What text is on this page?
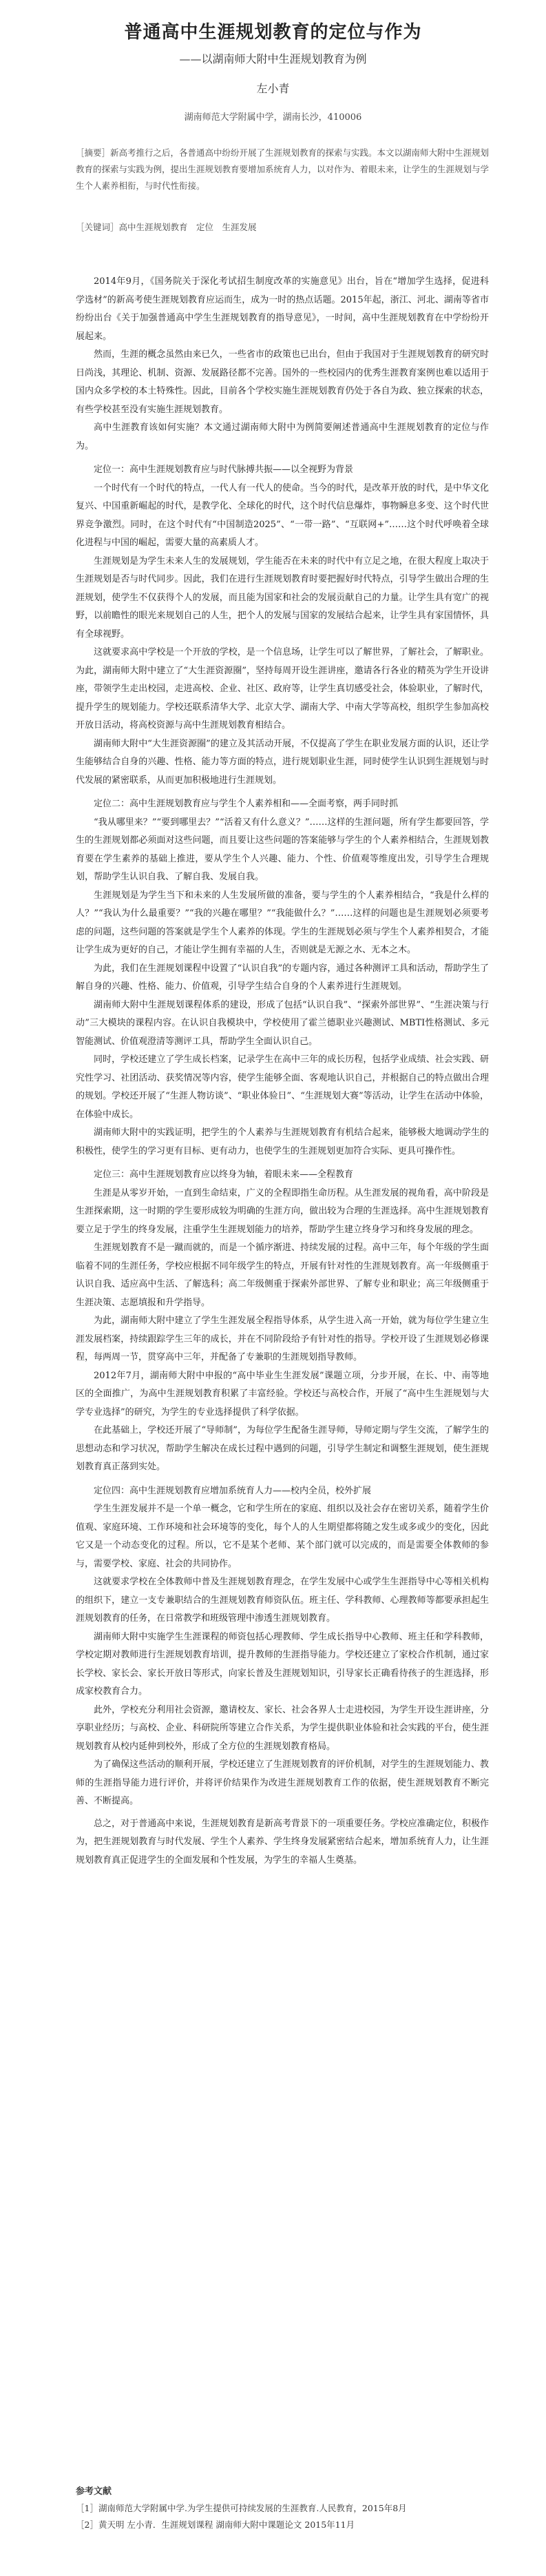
普通高中生涯规划教育的定位与作为
——以湖南师大附中生涯规划教育为例
左小青
湖南师范大学附属中学，湖南长沙，410006
［摘要］新高考推行之后，各普通高中纷纷开展了生涯规划教育的探索与实践。本文以湖南师大附中生涯规划教育的探索与实践为例，提出生涯规划教育要增加系统育人力，以对作为、着眼未来，让学生的生涯规划与学生个人素养相衔，与时代性衔接。
［关键词］高中生涯规划教育　定位　生涯发展

2014年9月，《国务院关于深化考试招生制度改革的实施意见》出台，旨在“增加学生选择，促进科学选材”的新高考使生涯规划教育应运而生，成为一时的热点话题。2015年起，浙江、河北、湖南等省市纷纷出台《关于加强普通高中学生生涯规划教育的指导意见》，一时间，高中生涯规划教育在中学纷纷开展起来。

然而，生涯的概念虽然由来已久，一些省市的政策也已出台，但由于我国对于生涯规划教育的研究时日尚浅，其理论、机制、资源、发展路径都不完善。国外的一些校园内的优秀生涯教育案例也难以适用于国内众多学校的本土特殊性。因此，目前各个学校实施生涯规划教育仍处于各自为政、独立探索的状态，有些学校甚至没有实施生涯规划教育。

高中生涯教育该如何实施？本文通过湖南师大附中为例简要阐述普通高中生涯规划教育的定位与作为。

定位一：高中生涯规划教育应与时代脉搏共振——以全视野为背景

一个时代有一个时代的特点，一代人有一代人的使命。当今的时代，是改革开放的时代，是中华文化复兴、中国重新崛起的时代，是教学化、全球化的时代，这个时代信息爆炸，事物瞬息多变、这个时代世界竞争激烈。同时，在这个时代有“中国制造2025”、“一带一路”、“互联网+”……这个时代呼唤着全球化进程与中国的崛起，需要大量的高素质人才。

生涯规划是为学生未来人生的发展规划，学生能否在未来的时代中有立足之地，在很大程度上取决于生涯规划是否与时代同步。因此，我们在进行生涯规划教育时要把握好时代特点，引导学生做出合理的生涯规划，使学生不仅获得个人的发展，而且能为国家和社会的发展贡献自己的力量。让学生具有宽广的视野，以前瞻性的眼光来规划自己的人生，把个人的发展与国家的发展结合起来，让学生具有家国情怀，具有全球视野。

这就要求高中学校是一个开放的学校，是一个信息场，让学生可以了解世界，了解社会，了解职业。为此，湖南师大附中建立了“大生涯资源圈”，坚持每周开设生涯讲座，邀请各行各业的精英为学生开设讲座，带领学生走出校园，走进高校、企业、社区、政府等，让学生真切感受社会，体验职业，了解时代，提升学生的规划能力。学校还联系清华大学、北京大学、湖南大学、中南大学等高校，组织学生参加高校开放日活动，将高校资源与高中生涯规划教育相结合。

湖南师大附中“大生涯资源圈”的建立及其活动开展，不仅提高了学生在职业发展方面的认识，还让学生能够结合自身的兴趣、性格、能力等方面的特点，进行规划职业生涯，同时使学生认识到生涯规划与时代发展的紧密联系，从而更加积极地进行生涯规划。

定位二：高中生涯规划教育应与学生个人素养相和——全面考察，两手同时抓

“我从哪里来？”“要到哪里去？”“活着又有什么意义？”……这样的生涯问题，所有学生都要回答，学生的生涯规划都必须面对这些问题，而且要让这些问题的答案能够与学生的个人素养相结合，生涯规划教育要在学生素养的基础上推进，要从学生个人兴趣、能力、个性、价值观等维度出发，引导学生合理规划，帮助学生认识自我、了解自我、发展自我。

生涯规划是为学生当下和未来的人生发展所做的准备，要与学生的个人素养相结合，“我是什么样的人？”“我认为什么最重要？”“我的兴趣在哪里？”“我能做什么？”……这样的问题也是生涯规划必须要考虑的问题，这些问题的答案就是学生个人素养的体现。学生的生涯规划必须与学生个人素养相契合，才能让学生成为更好的自己，才能让学生拥有幸福的人生，否则就是无源之水、无本之木。

为此，我们在生涯规划课程中设置了“认识自我”的专题内容，通过各种测评工具和活动，帮助学生了解自身的兴趣、性格、能力、价值观，引导学生结合自身的个人素养进行生涯规划。

湖南师大附中生涯规划课程体系的建设，形成了包括“认识自我”、“探索外部世界”、“生涯决策与行动”三大模块的课程内容。在认识自我模块中，学校使用了霍兰德职业兴趣测试、MBTI性格测试、多元智能测试、价值观澄清等测评工具，帮助学生全面认识自己。

同时，学校还建立了学生成长档案，记录学生在高中三年的成长历程，包括学业成绩、社会实践、研究性学习、社团活动、获奖情况等内容，使学生能够全面、客观地认识自己，并根据自己的特点做出合理的规划。学校还开展了“生涯人物访谈”、“职业体验日”、“生涯规划大赛”等活动，让学生在活动中体验，在体验中成长。

湖南师大附中的实践证明，把学生的个人素养与生涯规划教育有机结合起来，能够极大地调动学生的积极性，使学生的学习更有目标、更有动力，也使学生的生涯规划更加符合实际、更具可操作性。

定位三：高中生涯规划教育应以终身为轴，着眼未来——全程教育

生涯是从零岁开始，一直到生命结束，广义的全程即指生命历程。从生涯发展的视角看，高中阶段是生涯探索期，这一时期的学生要形成较为明确的生涯方向，做出较为合理的生涯选择。高中生涯规划教育要立足于学生的终身发展，注重学生生涯规划能力的培养，帮助学生建立终身学习和终身发展的理念。

生涯规划教育不是一蹴而就的，而是一个循序渐进、持续发展的过程。高中三年，每个年级的学生面临着不同的生涯任务，学校应根据不同年级学生的特点，开展有针对性的生涯规划教育。高一年级侧重于认识自我、适应高中生活、了解选科；高二年级侧重于探索外部世界、了解专业和职业；高三年级侧重于生涯决策、志愿填报和升学指导。

为此，湖南师大附中建立了学生生涯发展全程指导体系，从学生进入高一开始，就为每位学生建立生涯发展档案，持续跟踪学生三年的成长，并在不同阶段给予有针对性的指导。学校开设了生涯规划必修课程，每两周一节，贯穿高中三年，并配备了专兼职的生涯规划指导教师。

2012年7月，湖南师大附中申报的“高中毕业生生涯发展”课题立项，分步开展，在长、中、南等地区的全面推广，为高中生涯规划教育积累了丰富经验。学校还与高校合作，开展了“高中生生涯规划与大学专业选择”的研究，为学生的专业选择提供了科学依据。

在此基础上，学校还开展了“导师制”，为每位学生配备生涯导师，导师定期与学生交流，了解学生的思想动态和学习状况，帮助学生解决在成长过程中遇到的问题，引导学生制定和调整生涯规划，使生涯规划教育真正落到实处。

定位四：高中生涯规划教育应增加系统育人力——校内全员，校外扩展

学生生涯发展并不是一个单一概念，它和学生所在的家庭、组织以及社会存在密切关系，随着学生价值观、家庭环境、工作环境和社会环境等的变化，每个人的人生期望都将随之发生或多或少的变化，因此它又是一个动态变化的过程。所以，它不是某个老师、某个部门就可以完成的，而是需要全体教师的参与，需要学校、家庭、社会的共同协作。

这就要求学校在全体教师中普及生涯规划教育理念，在学生发展中心或学生生涯指导中心等相关机构的组织下，建立一支专兼职结合的生涯规划教育师资队伍。班主任、学科教师、心理教师等都要承担起生涯规划教育的任务，在日常教学和班级管理中渗透生涯规划教育。

湖南师大附中实施学生生涯课程的师资包括心理教师、学生成长指导中心教师、班主任和学科教师，学校定期对教师进行生涯规划教育培训，提升教师的生涯指导能力。学校还建立了家校合作机制，通过家长学校、家长会、家长开放日等形式，向家长普及生涯规划知识，引导家长正确看待孩子的生涯选择，形成家校教育合力。

此外，学校充分利用社会资源，邀请校友、家长、社会各界人士走进校园，为学生开设生涯讲座，分享职业经历；与高校、企业、科研院所等建立合作关系，为学生提供职业体验和社会实践的平台，使生涯规划教育从校内延伸到校外，形成了全方位的生涯规划教育格局。

为了确保这些活动的顺利开展，学校还建立了生涯规划教育的评价机制，对学生的生涯规划能力、教师的生涯指导能力进行评价，并将评价结果作为改进生涯规划教育工作的依据，使生涯规划教育不断完善、不断提高。

总之，对于普通高中来说，生涯规划教育是新高考背景下的一项重要任务。学校应准确定位，积极作为，把生涯规划教育与时代发展、学生个人素养、学生终身发展紧密结合起来，增加系统育人力，让生涯规划教育真正促进学生的全面发展和个性发展，为学生的幸福人生奠基。

参考文献
［1］湖南师范大学附属中学.为学生提供可持续发展的生涯教育.人民教育，2015年8月
［2］黄天明 左小青．生涯规划课程 湖南师大附中课题论文 2015年11月
